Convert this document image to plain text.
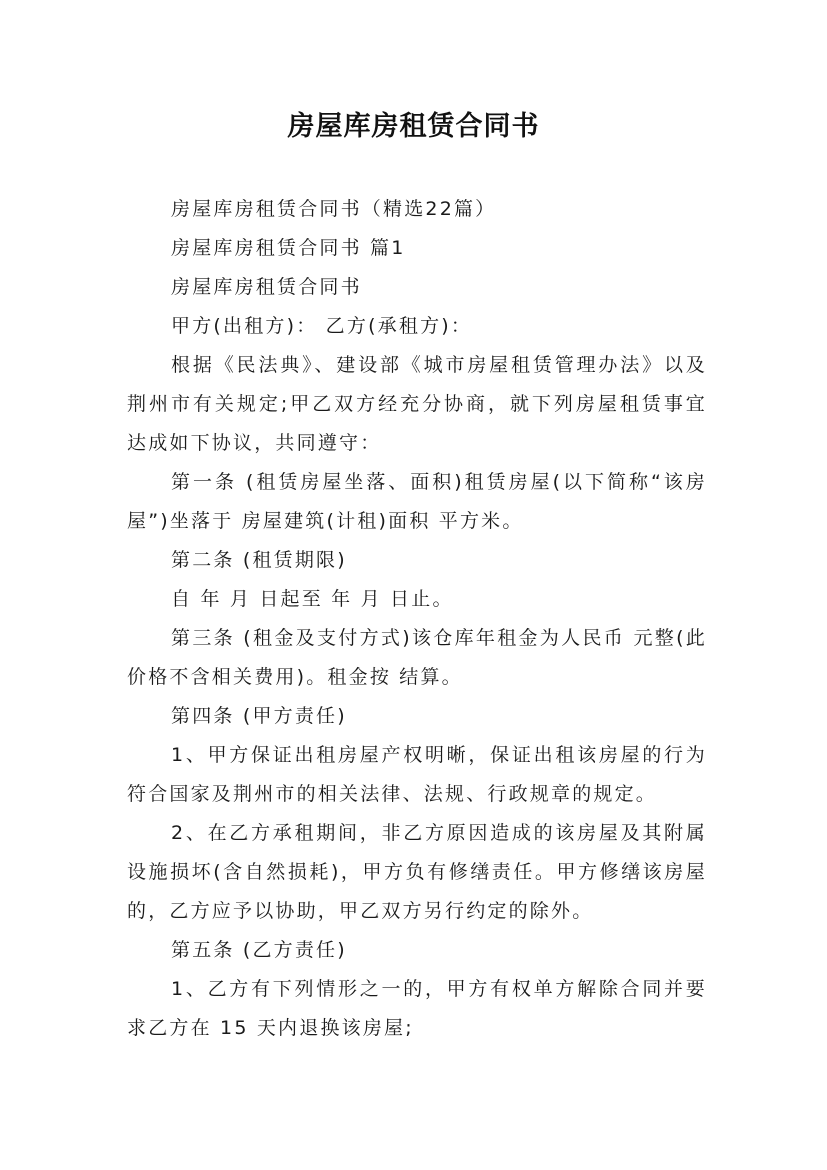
房屋库房租赁合同书

房屋库房租赁合同书（精选22篇）

房屋库房租赁合同书 篇1

房屋库房租赁合同书

甲方(出租方)： 乙方(承租方)：

根据《民法典》、建设部《城市房屋租赁管理办法》以及荆州市有关规定;甲乙双方经充分协商，就下列房屋租赁事宜达成如下协议，共同遵守：

第一条 (租赁房屋坐落、面积)租赁房屋(以下简称“该房屋”)坐落于 房屋建筑(计租)面积 平方米。

第二条 (租赁期限)

自 年 月 日起至 年 月 日止。

第三条 (租金及支付方式)该仓库年租金为人民币 元整(此价格不含相关费用)。租金按 结算。

第四条 (甲方责任)

1、甲方保证出租房屋产权明晰，保证出租该房屋的行为符合国家及荆州市的相关法律、法规、行政规章的规定。

2、在乙方承租期间，非乙方原因造成的该房屋及其附属设施损坏(含自然损耗)，甲方负有修缮责任。甲方修缮该房屋的，乙方应予以协助，甲乙双方另行约定的除外。

第五条 (乙方责任)

1、乙方有下列情形之一的，甲方有权单方解除合同并要求乙方在 15 天内退换该房屋;
